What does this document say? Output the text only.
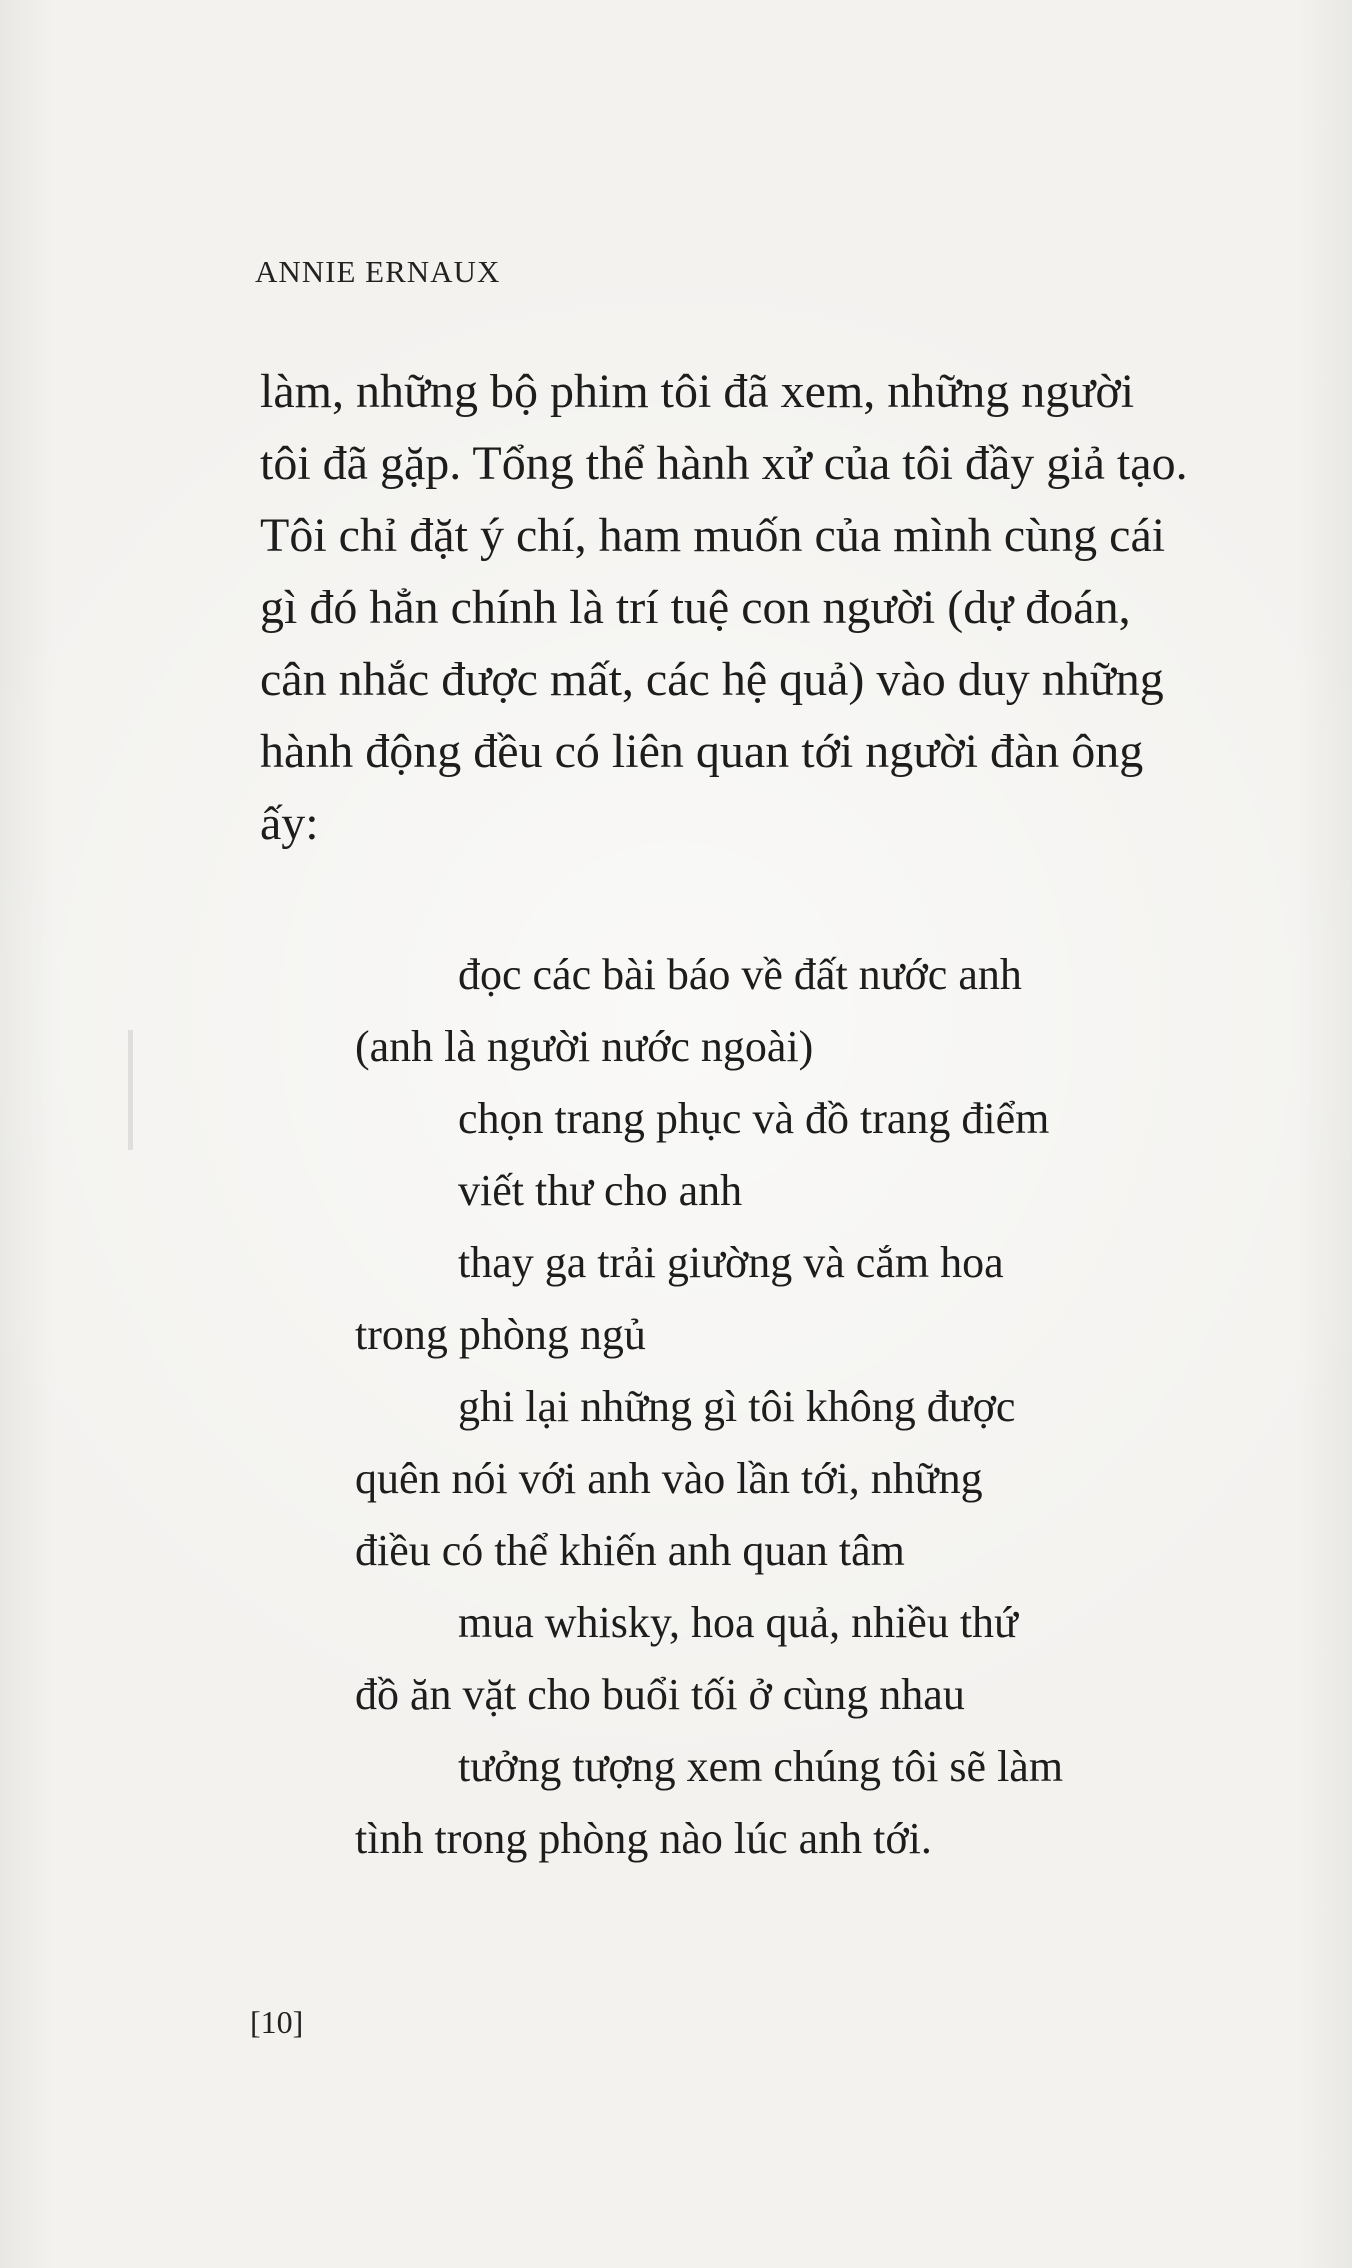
ANNIE ERNAUX
làm, những bộ phim tôi đã xem, những người
tôi đã gặp. Tổng thể hành xử của tôi đầy giả tạo.
Tôi chỉ đặt ý chí, ham muốn của mình cùng cái
gì đó hẳn chính là trí tuệ con người (dự đoán,
cân nhắc được mất, các hệ quả) vào duy những
hành động đều có liên quan tới người đàn ông
ấy:
đọc các bài báo về đất nước anh
(anh là người nước ngoài)
chọn trang phục và đồ trang điểm
viết thư cho anh
thay ga trải giường và cắm hoa
trong phòng ngủ
ghi lại những gì tôi không được
quên nói với anh vào lần tới, những
điều có thể khiến anh quan tâm
mua whisky, hoa quả, nhiều thứ
đồ ăn vặt cho buổi tối ở cùng nhau
tưởng tượng xem chúng tôi sẽ làm
tình trong phòng nào lúc anh tới.
[10]
